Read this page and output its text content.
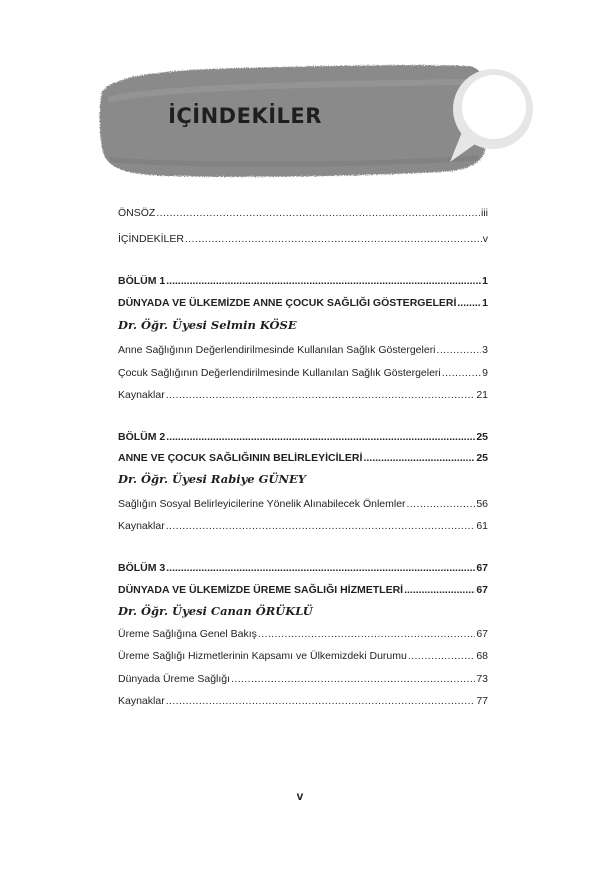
İÇİNDEKİLER
ÖNSÖZ .....	iii
İÇİNDEKİLER .....	v
BÖLÜM 1 .....	1
DÜNYADA VE ÜLKEMİZDE ANNE ÇOCUK SAĞLIĞI GÖSTERGELERİ ..... 1
Dr. Öğr. Üyesi Selmin KÖSE
Anne Sağlığının Değerlendirilmesinde Kullanılan Sağlık Göstergeleri .....	3
Çocuk Sağlığının Değerlendirilmesinde Kullanılan Sağlık Göstergeleri .....	9
Kaynaklar .....	21
BÖLÜM 2 .....	25
ANNE VE ÇOCUK SAĞLIĞININ BELİRLEYİCİLERİ .....	25
Dr. Öğr. Üyesi Rabiye GÜNEY
Sağlığın Sosyal Belirleyicilerine Yönelik Alınabilecek Önlemler .....	56
Kaynaklar .....	61
BÖLÜM 3 .....	67
DÜNYADA VE ÜLKEMİZDE ÜREME SAĞLIĞI HİZMETLERİ .....	67
Dr. Öğr. Üyesi Canan ÖRÜKLÜ
Üreme Sağlığına Genel Bakış .....	67
Üreme Sağlığı Hizmetlerinin Kapsamı ve Ülkemizdeki Durumu .....	68
Dünyada Üreme Sağlığı .....	73
Kaynaklar .....	77
v
